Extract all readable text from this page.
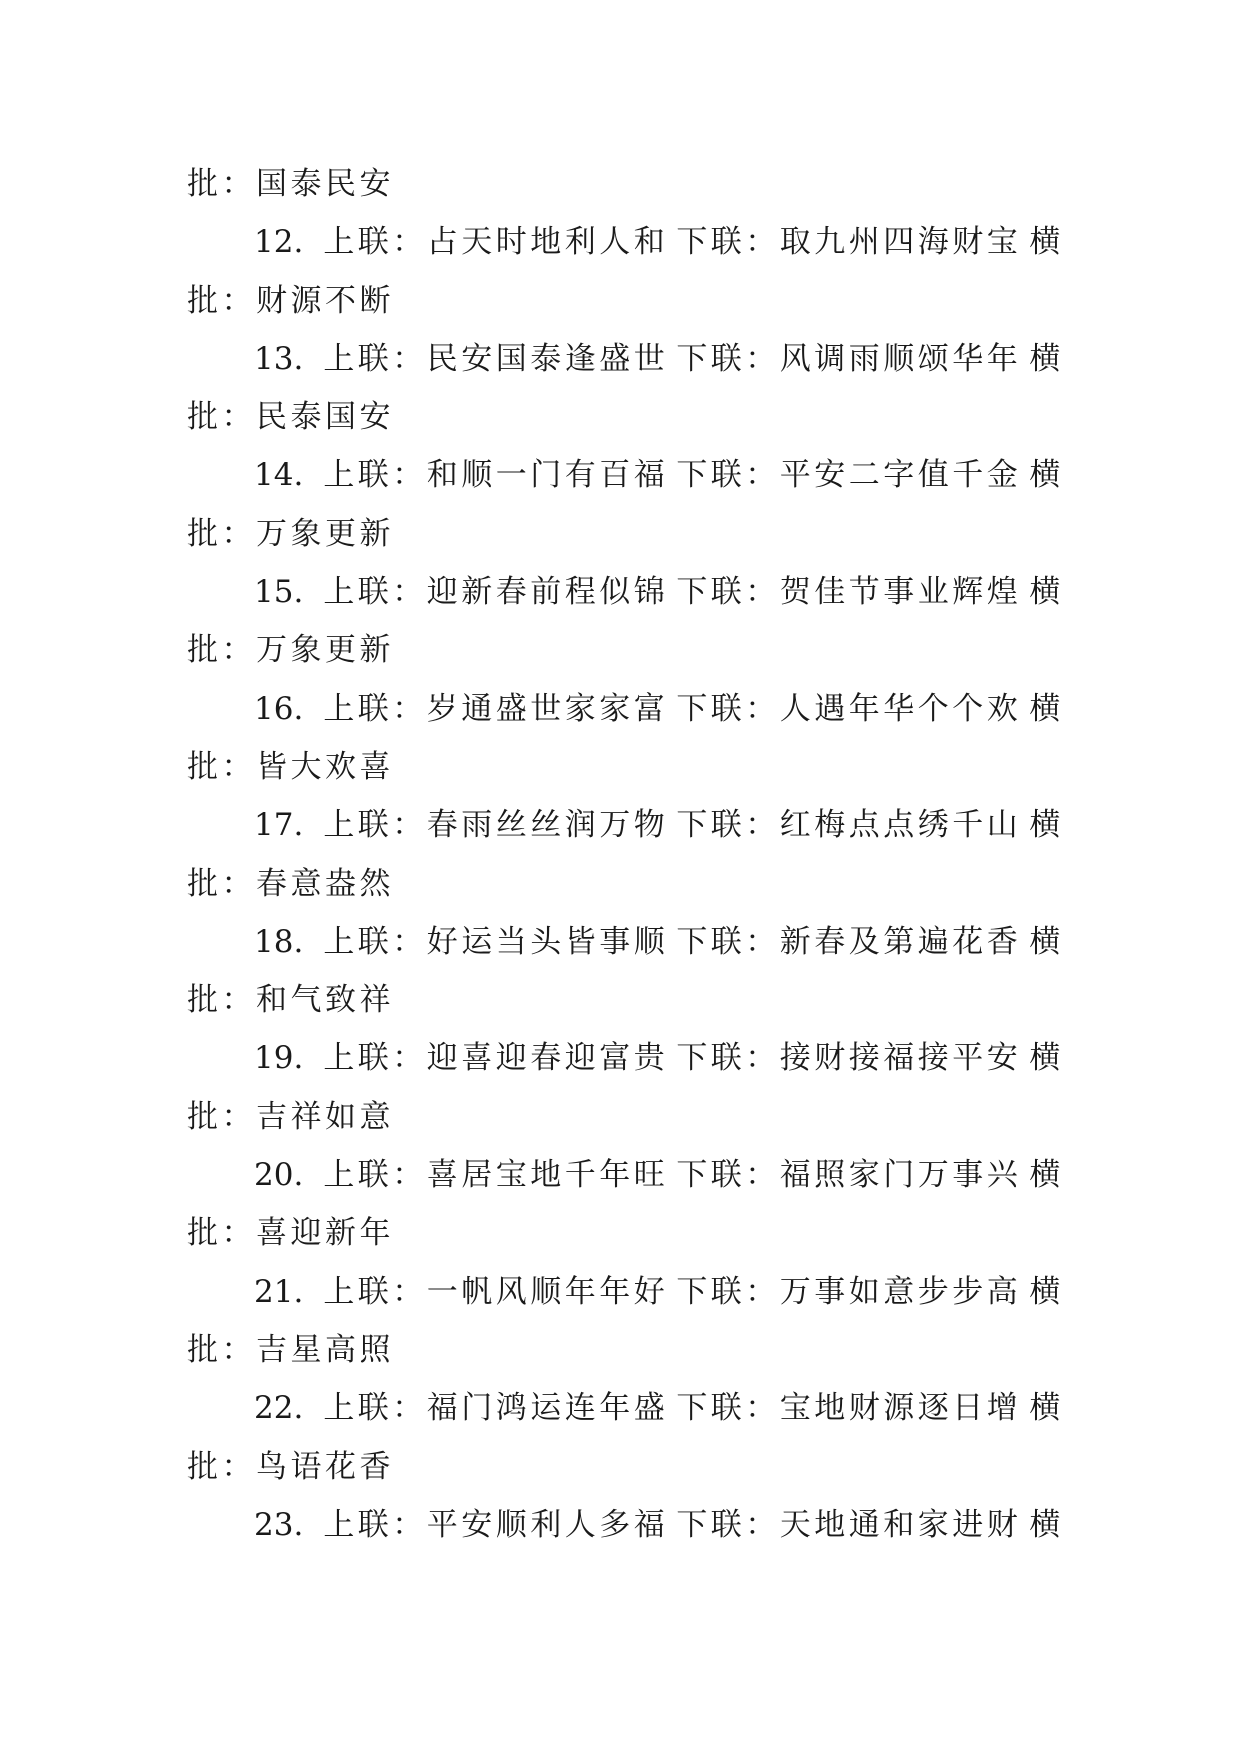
批：国泰民安
12. 上联：占天时地利人和 下联：取九州四海财宝 横
批：财源不断
13. 上联：民安国泰逢盛世 下联：风调雨顺颂华年 横
批：民泰国安
14. 上联：和顺一门有百福 下联：平安二字值千金 横
批：万象更新
15. 上联：迎新春前程似锦 下联：贺佳节事业辉煌 横
批：万象更新
16. 上联：岁通盛世家家富 下联：人遇年华个个欢 横
批：皆大欢喜
17. 上联：春雨丝丝润万物 下联：红梅点点绣千山 横
批：春意盎然
18. 上联：好运当头皆事顺 下联：新春及第遍花香 横
批：和气致祥
19. 上联：迎喜迎春迎富贵 下联：接财接福接平安 横
批：吉祥如意
20. 上联：喜居宝地千年旺 下联：福照家门万事兴 横
批：喜迎新年
21. 上联：一帆风顺年年好 下联：万事如意步步高 横
批：吉星高照
22. 上联：福门鸿运连年盛 下联：宝地财源逐日增 横
批：鸟语花香
23. 上联：平安顺利人多福 下联：天地通和家进财 横
